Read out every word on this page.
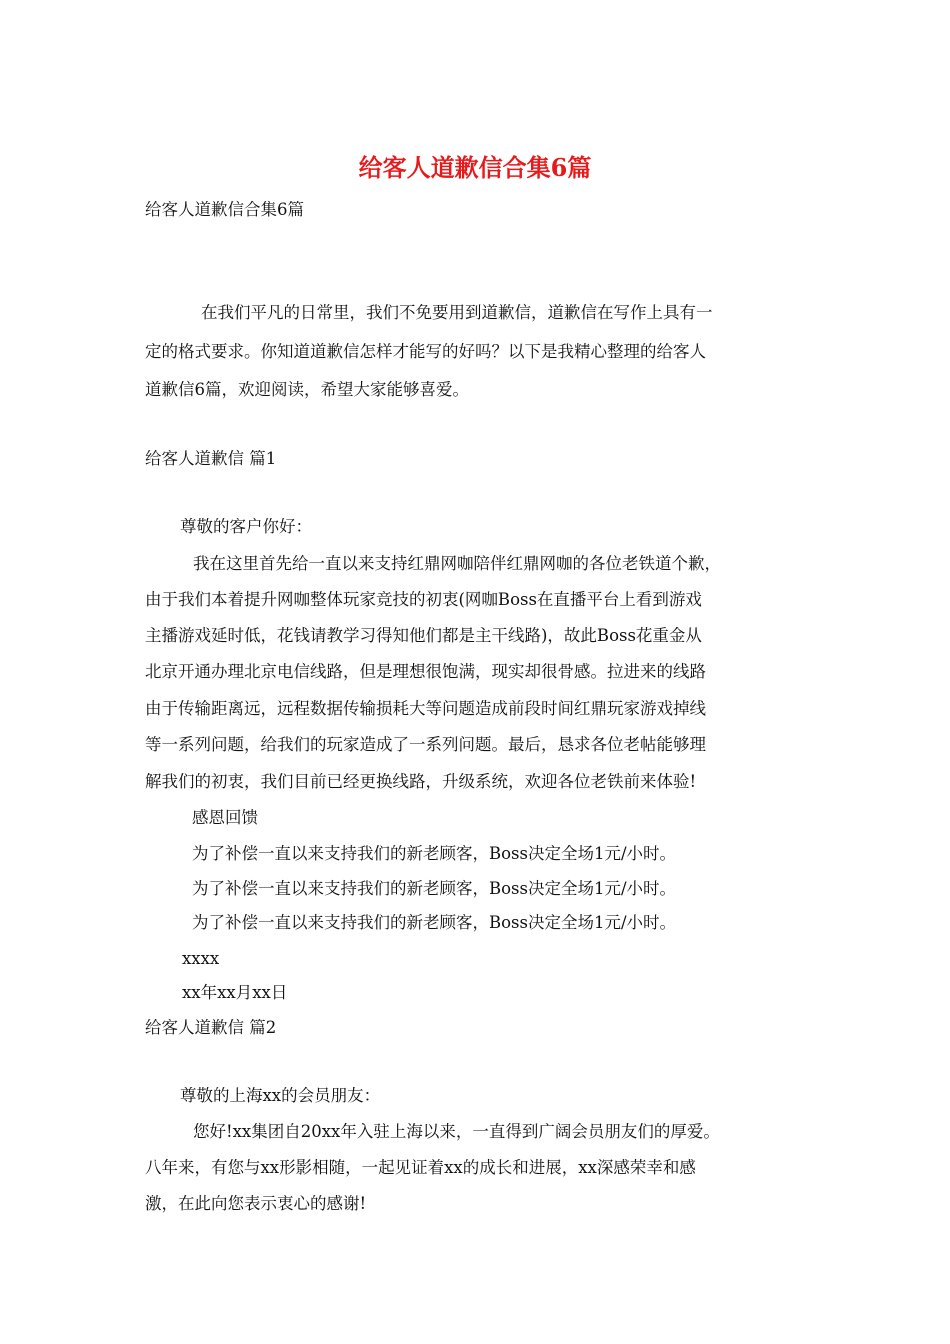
给客人道歉信合集6篇
给客人道歉信合集6篇
在我们平凡的日常里，我们不免要用到道歉信，道歉信在写作上具有一
定的格式要求。你知道道歉信怎样才能写的好吗？以下是我精心整理的给客人
道歉信6篇，欢迎阅读，希望大家能够喜爱。
给客人道歉信 篇1
尊敬的客户你好：
我在这里首先给一直以来支持红鼎网咖陪伴红鼎网咖的各位老铁道个歉，
由于我们本着提升网咖整体玩家竞技的初衷(网咖Boss在直播平台上看到游戏
主播游戏延时低，花钱请教学习得知他们都是主干线路)，故此Boss花重金从
北京开通办理北京电信线路，但是理想很饱满，现实却很骨感。拉进来的线路
由于传输距离远，远程数据传输损耗大等问题造成前段时间红鼎玩家游戏掉线
等一系列问题，给我们的玩家造成了一系列问题。最后，恳求各位老帖能够理
解我们的初衷，我们目前已经更换线路，升级系统，欢迎各位老铁前来体验!
感恩回馈
为了补偿一直以来支持我们的新老顾客，Boss决定全场1元/小时。
为了补偿一直以来支持我们的新老顾客，Boss决定全场1元/小时。
为了补偿一直以来支持我们的新老顾客，Boss决定全场1元/小时。
xxxx
xx年xx月xx日
给客人道歉信 篇2
尊敬的上海xx的会员朋友：
您好!xx集团自20xx年入驻上海以来，一直得到广阔会员朋友们的厚爱。
八年来，有您与xx形影相随，一起见证着xx的成长和进展，xx深感荣幸和感
激，在此向您表示衷心的感谢!
